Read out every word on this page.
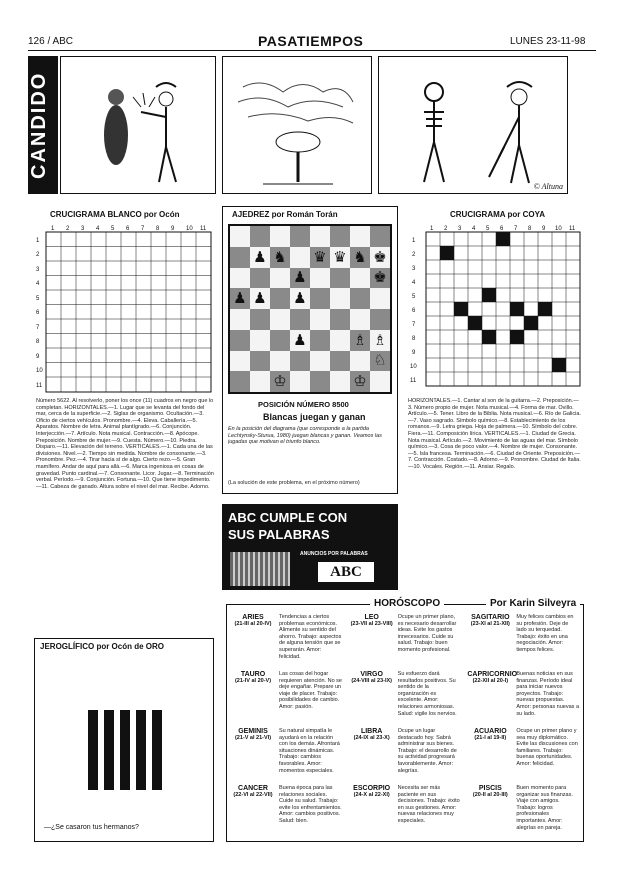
126 / ABC	PASATIEMPOS	LUNES 23-11-98
CANDIDO
© Altuna
CRUCIGRAMA BLANCO por Ocón
1 2 3 4 5 6 7 8 9 10 11
1
2
3
4
5
6
7
8
9
10
11
Número 5622. Al resolverlo, poner los once (11) cuadros en negro que lo completan. HORIZONTALES.—1. Lugar que se levanta del fondo del mar, cerca de la superficie.—2. Siglas de organismo. Ocultación.—3. Oficio de ciertos vehículos. Pronombre.—4. Eleva. Caballería.—5. Aparatos. Nombre de letra. Animal plantígrado.—6. Conjunción. Interjección.—7. Artículo. Nota musical. Contracción.—8. Apócope. Preposición. Nombre de mujer.—9. Cuesta. Número.—10. Piedra. Disparo.—11. Elevación del terreno. VERTICALES.—1. Cada una de las divisiones. Nivel.—2. Tiempo sin medida. Nombre de consonante.—3. Pronombre. Pez.—4. Tirar hacia sí de algo. Cierto rezo.—5. Gran mamífero. Andar de aquí para allá.—6. Marca ingeniosa en cosas de gravedad. Punto cardinal.—7. Consonante. Licor. Jugar.—8. Terminación verbal. Período.—9. Conjunción. Fortuna.—10. Que tiene impedimento.—11. Cabeza de ganado. Altura sobre el nivel del mar. Recibe. Adorno.
AJEDREZ por Román Torán
♟ ♞ ♛ ♛ ♞ ♚
♟	♚
♟ ♟ ♟
♟	♗ ♗
♘
♔	♔
POSICIÓN NÚMERO 8500
Blancas juegan y ganan
En la posición del diagrama (que corresponde a la partida Lechtynsky-Sturua, 1980) juegan blancas y ganan. Veamos las jugadas que motivan el triunfo blanco.
(La solución de este problema, en el próximo número)
ABC CUMPLE CON
SUS PALABRAS
ANUNCIOS POR PALABRAS
ABC
CRUCIGRAMA por COYA
1 2 3 4 5 6 7 8 9 10 11
1
2
3
4
5
6
7
8
9
10
11
HORIZONTALES.—1. Cantar al son de la guitarra.—2. Preposición.—3. Número propio de mujer. Nota musical.—4. Forma de mar. Ovillo. Artículo.—5. Tener. Libro de la Biblia. Nota musical.—6. Río de Galicia.—7. Vaso sagrado. Símbolo químico.—8. Establecimiento de los romanos.—9. Letra griega. Hoja de palmera.—10. Símbolo del cobre. Fiera.—11. Composición lírica. VERTICALES.—1. Ciudad de Grecia. Nota musical. Artículo.—2. Movimiento de las aguas del mar. Símbolo químico.—3. Cosa de poco valor.—4. Nombre de mujer. Consonante.—5. Isla francesa. Terminación.—6. Ciudad de Oriente. Preposición.—7. Contracción. Costado.—8. Adorno.—9. Pronombre. Ciudad de Italia.—10. Vocales. Región.—11. Ansiar. Regalo.
JEROGLÍFICO por Ocón de ORO
—¿Se casaron tus hermanos?
HORÓSCOPO	Por Karin Silveyra
ARIES
(21-III al 20-IV)
Tendencias a ciertos problemas económicos. Alimente su sentido del ahorro. Trabajo: aspectos de alguna tensión que se superarán. Amor: felicidad.
LEO
(23-VII al 23-VIII)
Ocupe un primer plano, es necesario desarrollar ideas. Evite los gastos innecesarios. Cuide su salud. Trabajo: buen momento profesional.
SAGITARIO
(23-XI al 21-XII)
Muy felices cambios en su profesión. Deje de lado su terquedad. Trabajo: éxito en una negociación. Amor: tiempos felices.
TAURO
(21-IV al 20-V)
Las cosas del hogar requieren atención. No se deje engañar. Prepare un viaje de placer. Trabajo: posibilidades de cambio. Amor: pasión.
VIRGO
(24-VIII al 23-IX)
Su esfuerzo dará resultados positivos. Su sentido de la organización es excelente. Amor: relaciones armoniosas. Salud: vigile los nervios.
CAPRICORNIO
(22-XII al 20-I)
Buenas noticias en sus finanzas. Período ideal para iniciar nuevos proyectos. Trabajo: nuevas propuestas. Amor: personas nuevas a su lado.
GÉMINIS
(21-V al 21-VI)
Su natural simpatía le ayudará en la relación con los demás. Afrontará situaciones dinámicas. Trabajo: cambios favorables. Amor: momentos especiales.
LIBRA
(24-IX al 23-X)
Ocupe un lugar destacado hoy. Sabrá administrar sus bienes. Trabajo: el desarrollo de su actividad progresará favorablemente. Amor: alegrías.
ACUARIO
(21-I al 19-II)
Ocupe un primer plano y sea muy diplomático. Evite las discusiones con familiares. Trabajo: buenas oportunidades. Amor: felicidad.
CÁNCER
(22-VI al 22-VII)
Buena época para las relaciones sociales. Cuide su salud. Trabajo: evite los enfrentamientos. Amor: cambios positivos. Salud: bien.
ESCORPIO
(24-X al 22-XI)
Necesita ser más paciente en sus decisiones. Trabajo: éxito en sus gestiones. Amor: nuevas relaciones muy especiales.
PISCIS
(20-II al 20-III)
Buen momento para organizar sus finanzas. Viaje con amigos. Trabajo: logros profesionales importantes. Amor: alegrías en pareja.
